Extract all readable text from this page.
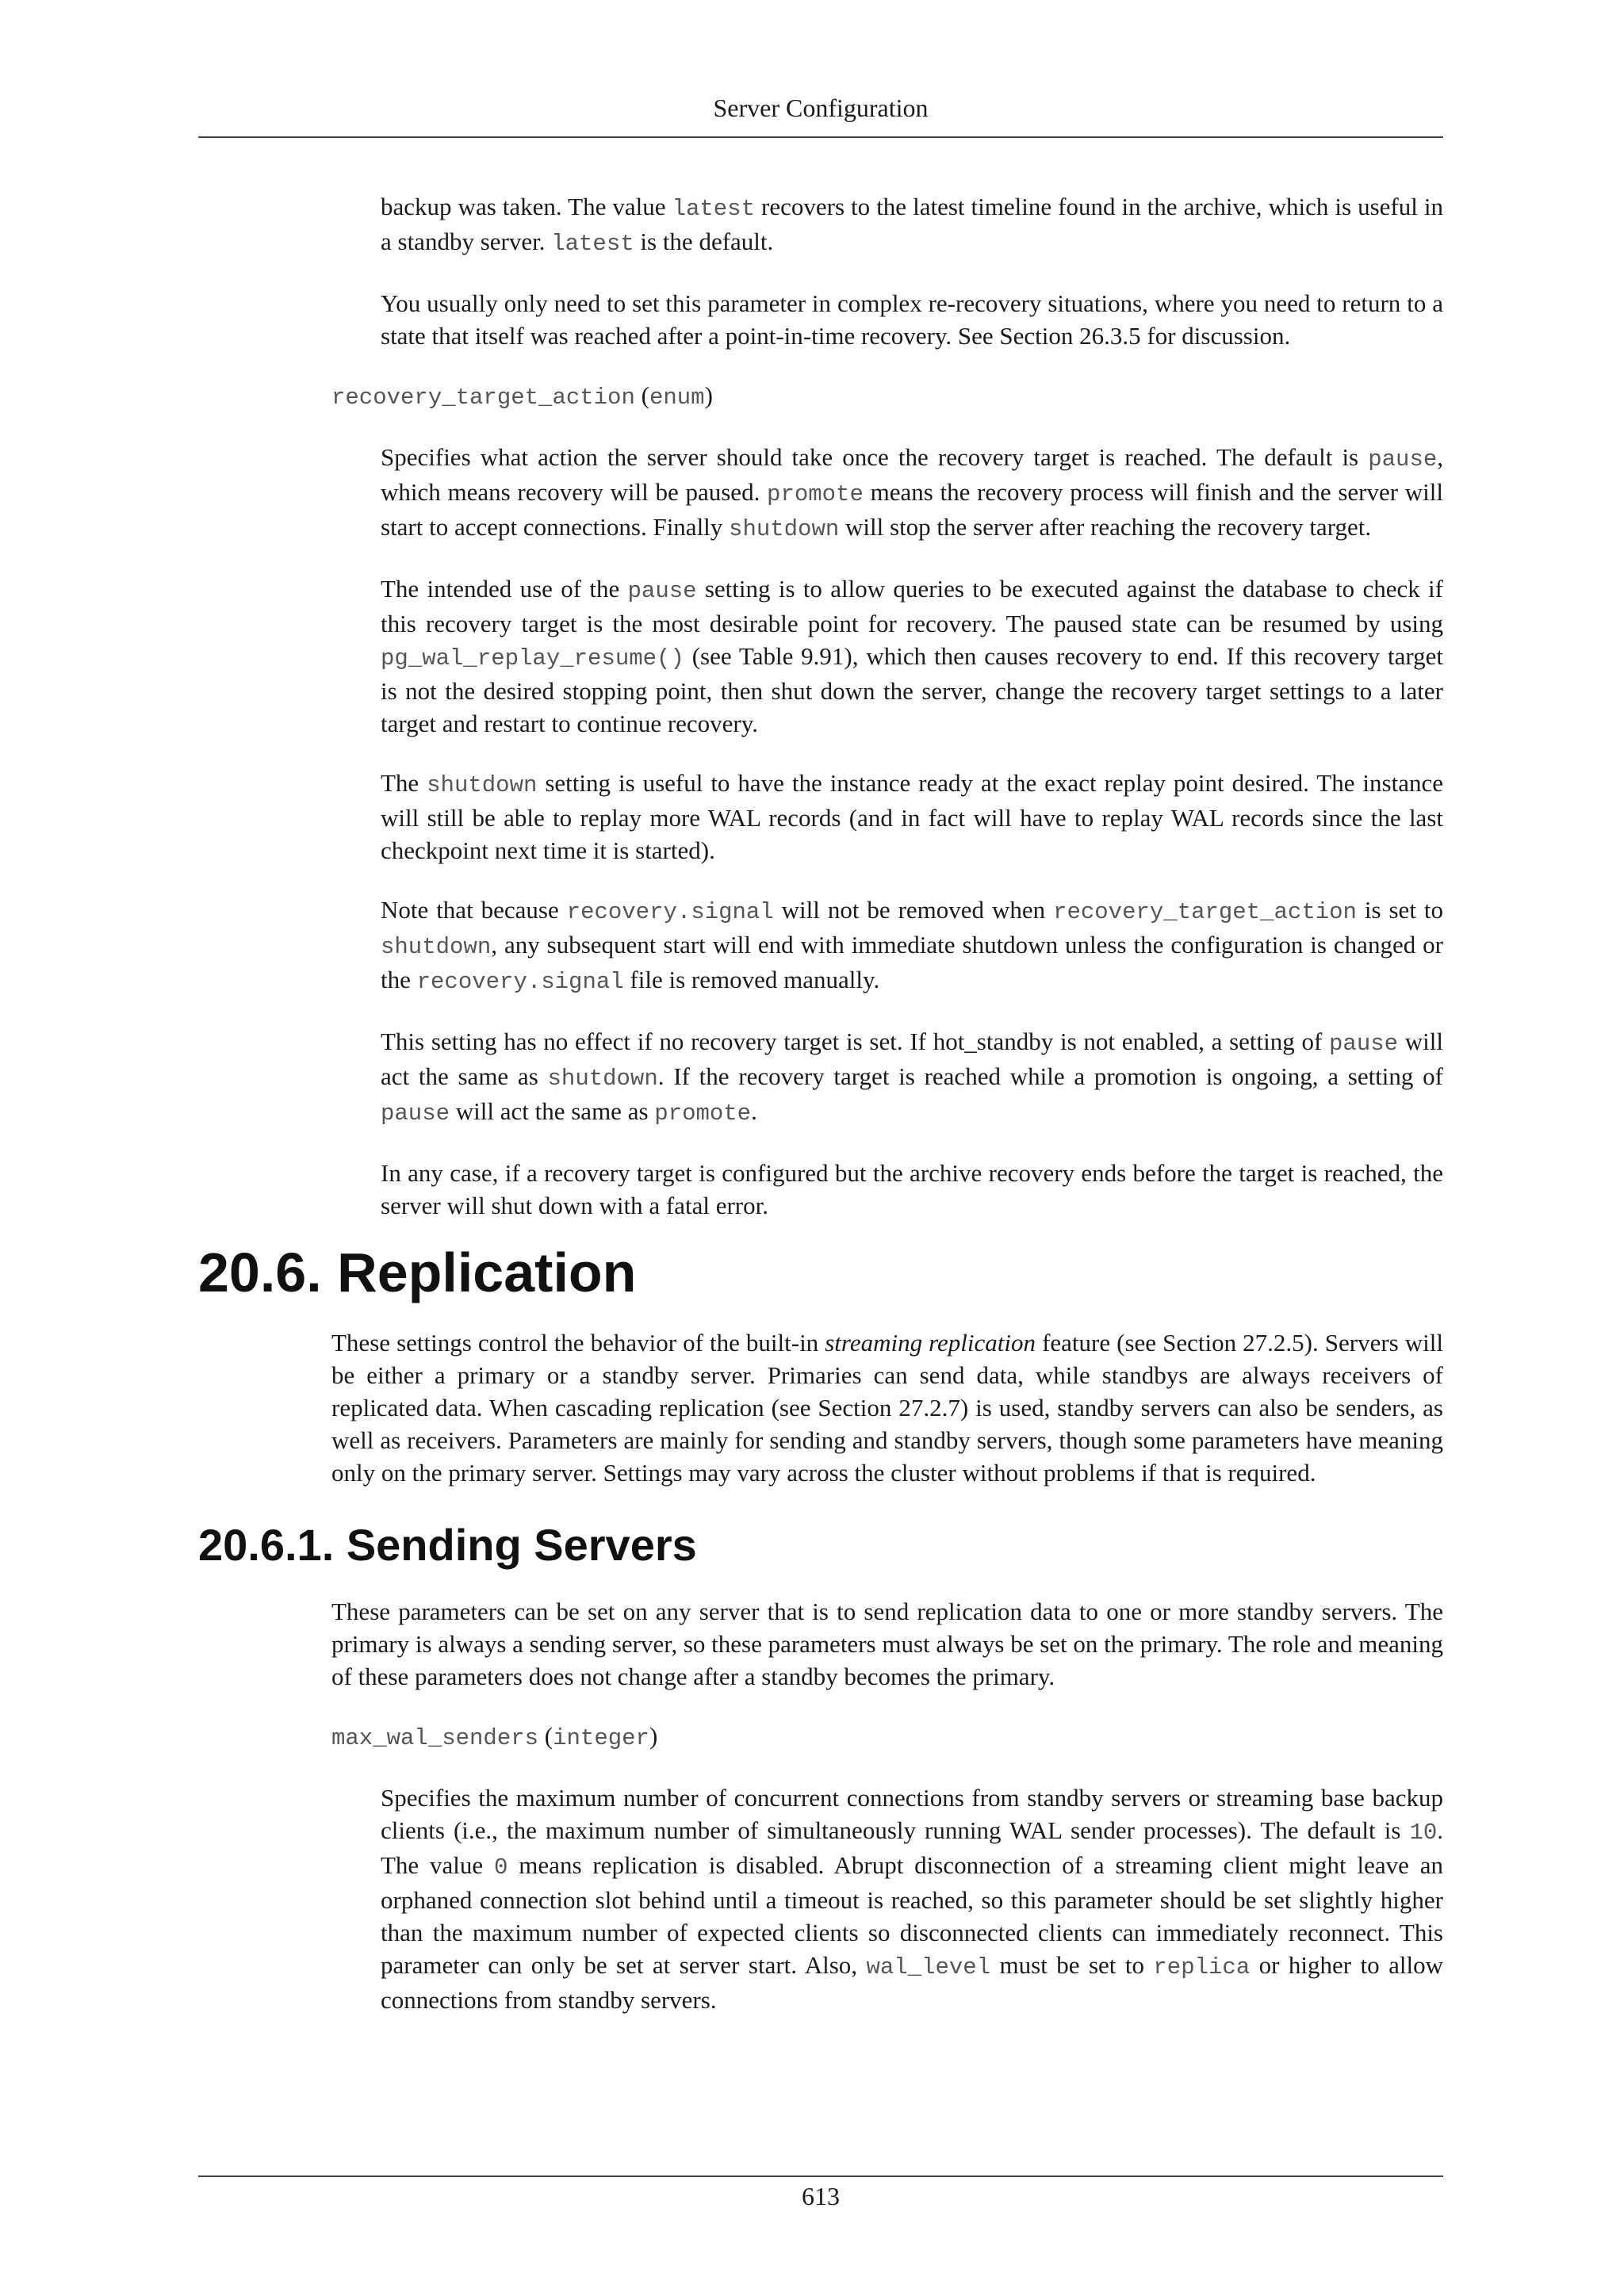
Server Configuration

backup was taken. The value latest recovers to the latest timeline found in the archive, which is useful in a standby server. latest is the default.

You usually only need to set this parameter in complex re-recovery situations, where you need to return to a state that itself was reached after a point-in-time recovery. See Section 26.3.5 for discussion.

recovery_target_action (enum)

Specifies what action the server should take once the recovery target is reached. The default is pause, which means recovery will be paused. promote means the recovery process will finish and the server will start to accept connections. Finally shutdown will stop the server after reaching the recovery target.

The intended use of the pause setting is to allow queries to be executed against the database to check if this recovery target is the most desirable point for recovery. The paused state can be resumed by using pg_wal_replay_resume() (see Table 9.91), which then causes recovery to end. If this recovery target is not the desired stopping point, then shut down the server, change the recovery target settings to a later target and restart to continue recovery.

The shutdown setting is useful to have the instance ready at the exact replay point desired. The instance will still be able to replay more WAL records (and in fact will have to replay WAL records since the last checkpoint next time it is started).

Note that because recovery.signal will not be removed when recovery_target_action is set to shutdown, any subsequent start will end with immediate shutdown unless the configuration is changed or the recovery.signal file is removed manually.

This setting has no effect if no recovery target is set. If hot_standby is not enabled, a setting of pause will act the same as shutdown. If the recovery target is reached while a promotion is ongoing, a setting of pause will act the same as promote.

In any case, if a recovery target is configured but the archive recovery ends before the target is reached, the server will shut down with a fatal error.

20.6. Replication

These settings control the behavior of the built-in streaming replication feature (see Section 27.2.5). Servers will be either a primary or a standby server. Primaries can send data, while standbys are always receivers of replicated data. When cascading replication (see Section 27.2.7) is used, standby servers can also be senders, as well as receivers. Parameters are mainly for sending and standby servers, though some parameters have meaning only on the primary server. Settings may vary across the cluster without problems if that is required.

20.6.1. Sending Servers

These parameters can be set on any server that is to send replication data to one or more standby servers. The primary is always a sending server, so these parameters must always be set on the primary. The role and meaning of these parameters does not change after a standby becomes the primary.

max_wal_senders (integer)

Specifies the maximum number of concurrent connections from standby servers or streaming base backup clients (i.e., the maximum number of simultaneously running WAL sender processes). The default is 10. The value 0 means replication is disabled. Abrupt disconnection of a streaming client might leave an orphaned connection slot behind until a timeout is reached, so this parameter should be set slightly higher than the maximum number of expected clients so disconnected clients can immediately reconnect. This parameter can only be set at server start. Also, wal_level must be set to replica or higher to allow connections from standby servers.

613
